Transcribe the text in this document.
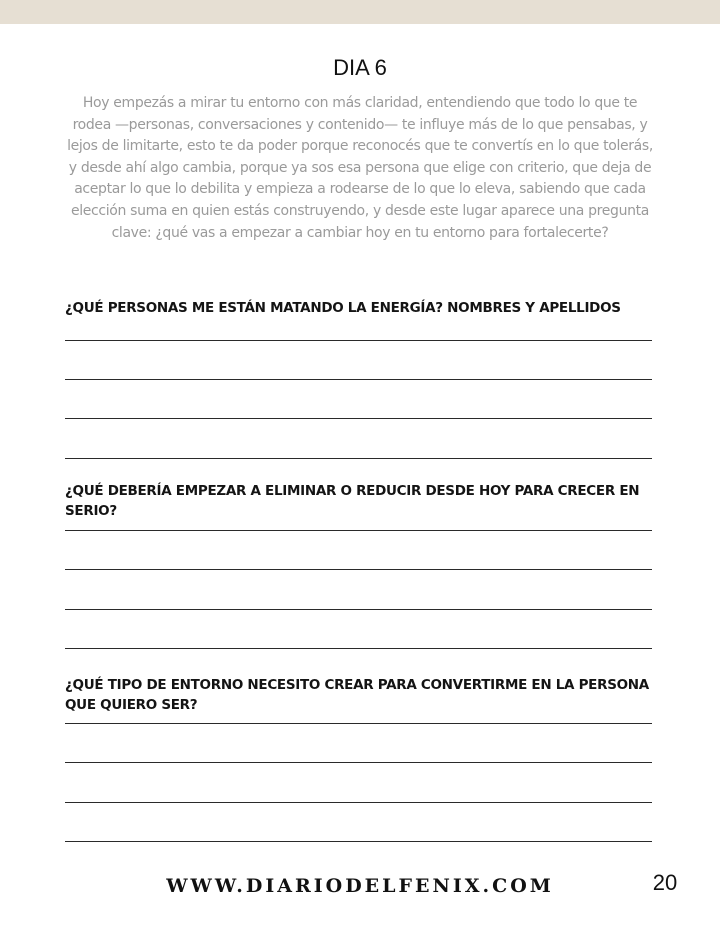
DIA 6

Hoy empezás a mirar tu entorno con más claridad, entendiendo que todo lo que te rodea —personas, conversaciones y contenido— te influye más de lo que pensabas, y lejos de limitarte, esto te da poder porque reconocés que te convertís en lo que tolerás, y desde ahí algo cambia, porque ya sos esa persona que elige con criterio, que deja de aceptar lo que lo debilita y empieza a rodearse de lo que lo eleva, sabiendo que cada elección suma en quien estás construyendo, y desde este lugar aparece una pregunta clave: ¿qué vas a empezar a cambiar hoy en tu entorno para fortalecerte?

¿QUÉ PERSONAS ME ESTÁN MATANDO LA ENERGÍA? NOMBRES Y APELLIDOS

¿QUÉ DEBERÍA EMPEZAR A ELIMINAR O REDUCIR DESDE HOY PARA CRECER EN SERIO?

¿QUÉ TIPO DE ENTORNO NECESITO CREAR PARA CONVERTIRME EN LA PERSONA QUE QUIERO SER?

WWW.DIARIODELFENIX.COM	20
